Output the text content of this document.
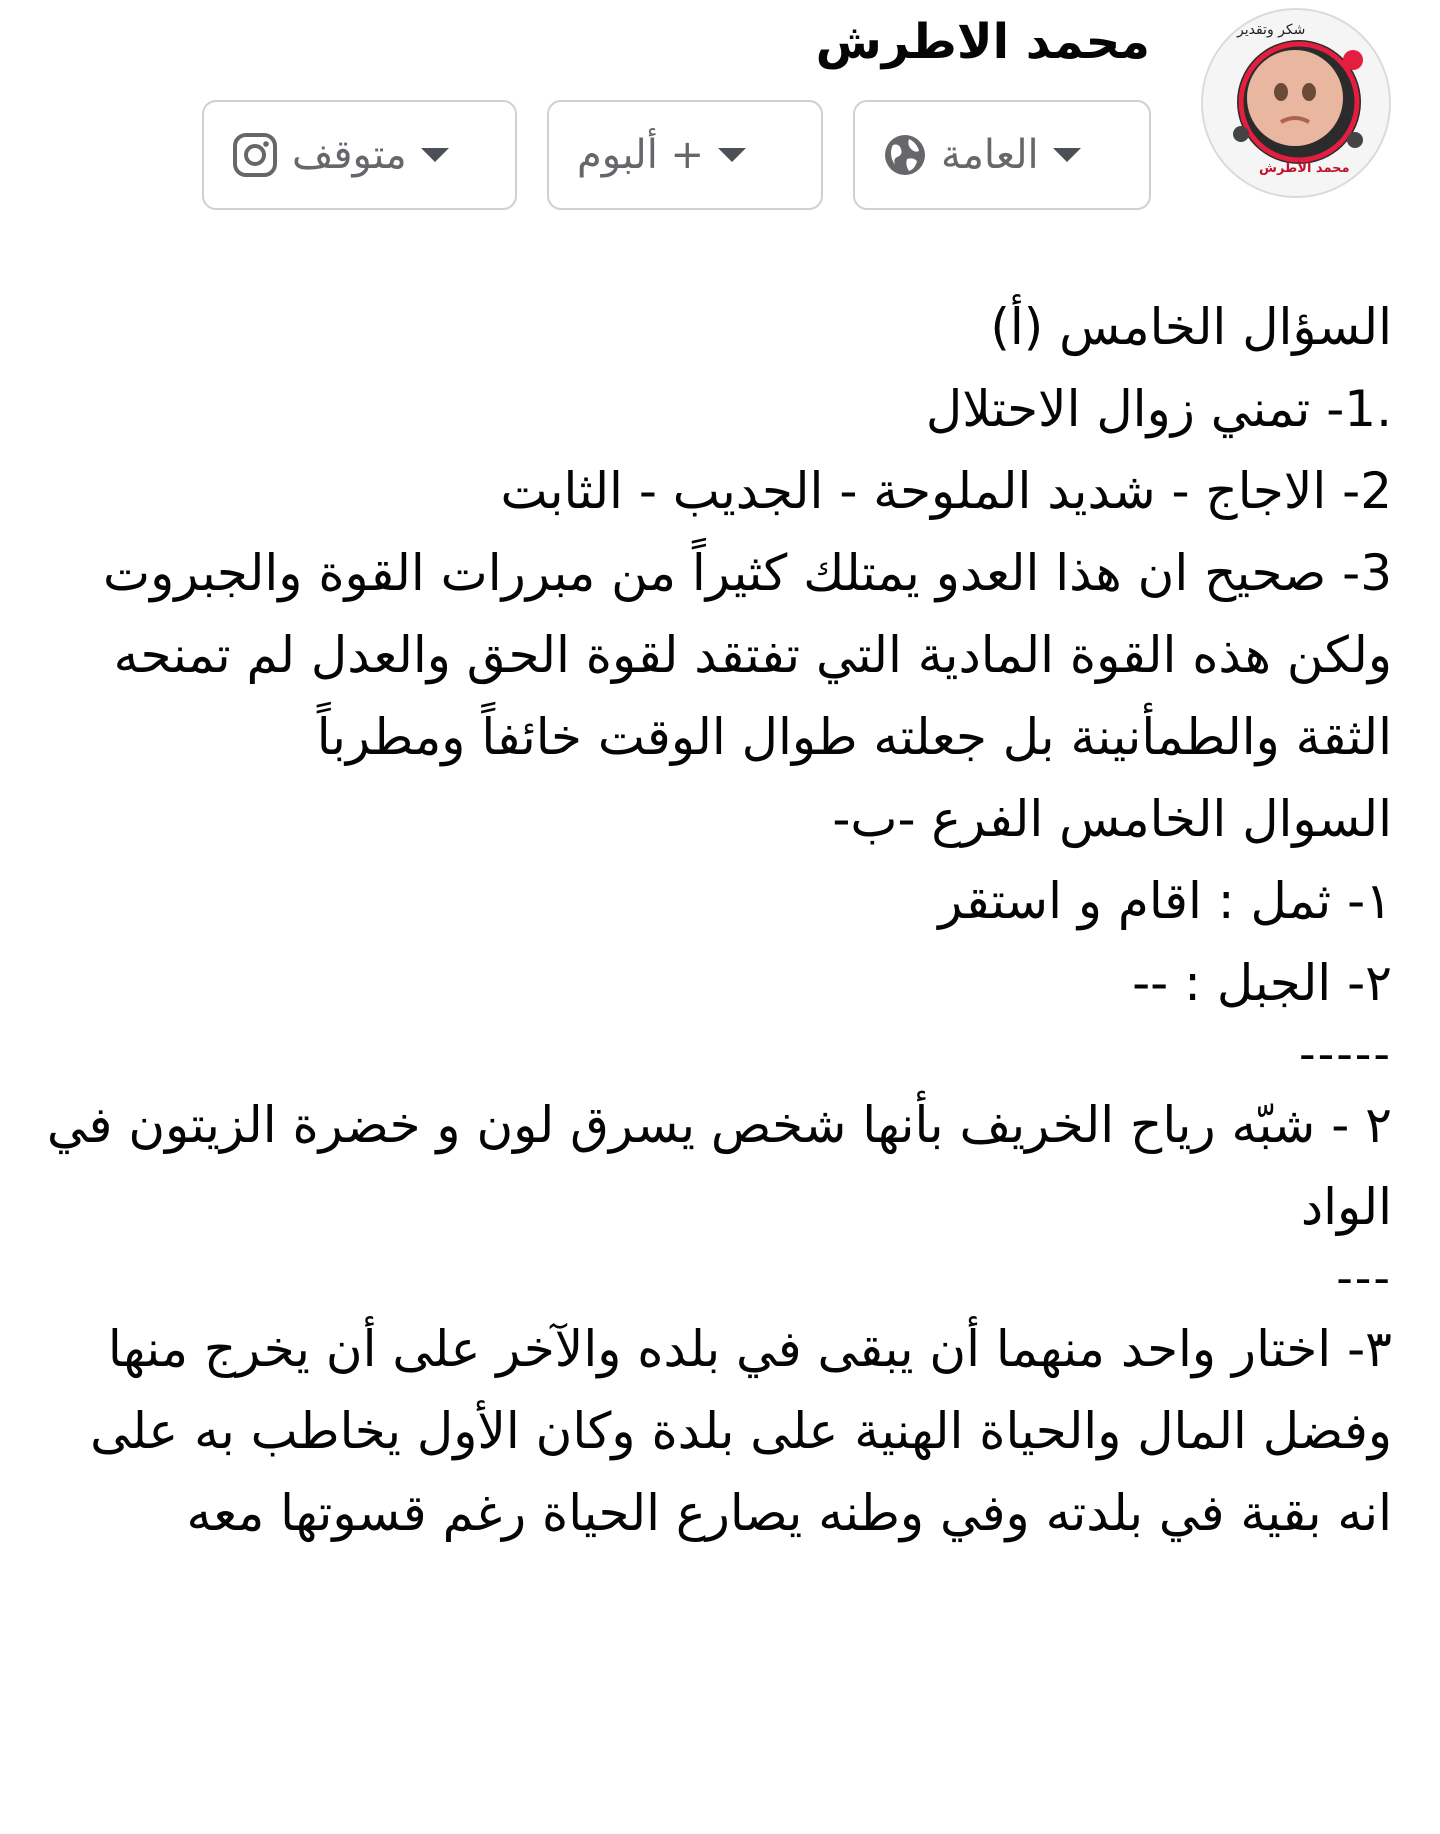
شكر وتقدير
محمد الأطرش
محمد الاطرش
العامة
+ ألبوم
متوقف

السؤال الخامس (أ)

.1- تمني زوال الاحتلال

2- الاجاج - شديد الملوحة - الجديب - الثابت

3- صحيح ان هذا العدو يمتلك كثيراً من مبررات القوة والجبروت ولكن هذه القوة المادية التي تفتقد لقوة الحق والعدل لم تمنحه الثقة والطمأنينة بل جعلته طوال الوقت خائفاً ومطرباً

السوال الخامس الفرع -ب-

١- ثمل : اقام و استقر

٢- الجبل : --

-----

٢ - شبّه رياح الخريف بأنها شخص يسرق لون و خضرة الزيتون في الواد

---

٣- اختار واحد منهما أن يبقى في بلده والآخر على أن يخرج منها وفضل المال والحياة الهنية على بلدة وكان الأول يخاطب به على انه بقية في بلدته وفي وطنه يصارع الحياة رغم قسوتها معه
